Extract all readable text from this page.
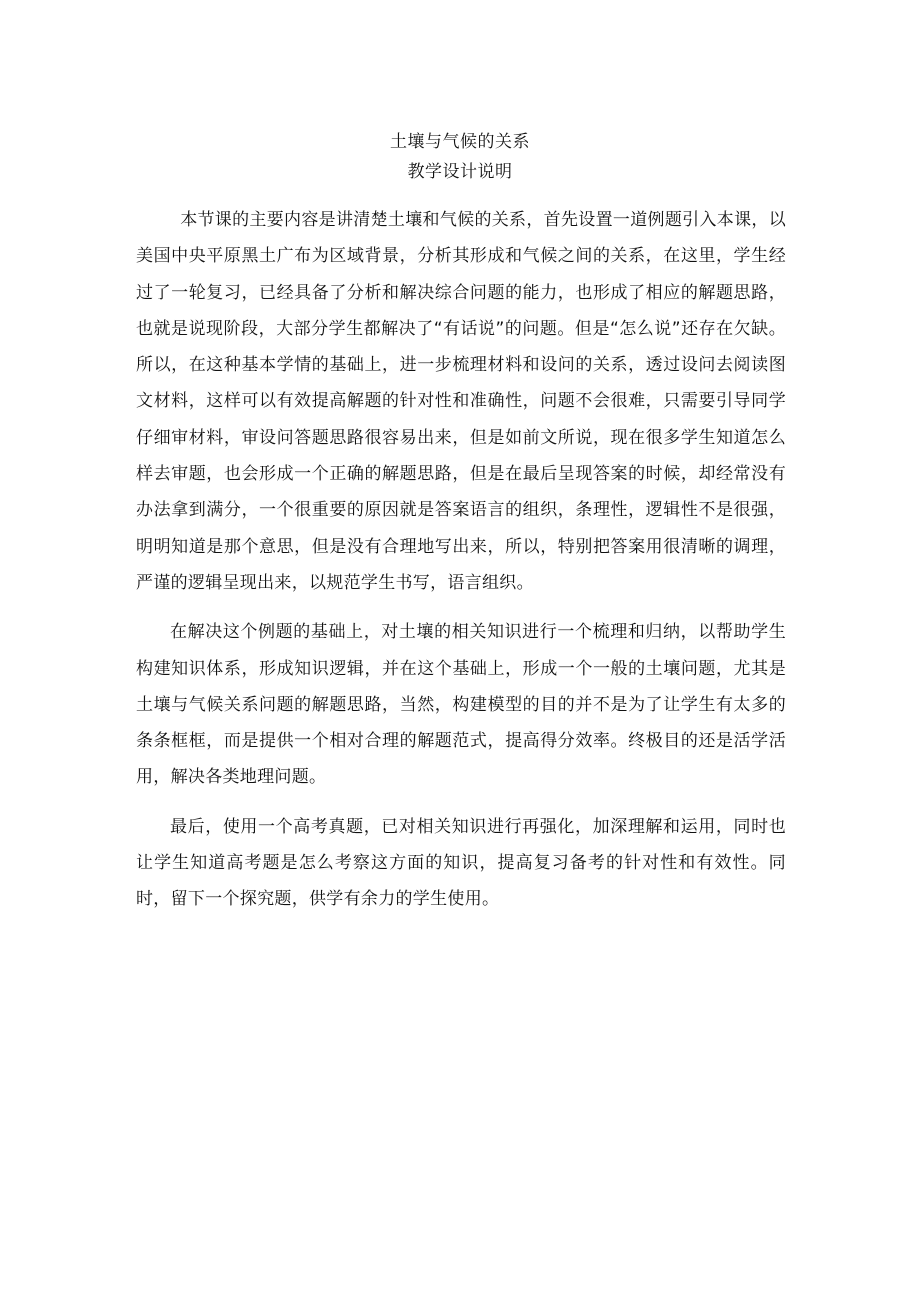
土壤与气候的关系
教学设计说明

本节课的主要内容是讲清楚土壤和气候的关系，首先设置一道例题引入本课，以美国中央平原黑土广布为区域背景，分析其形成和气候之间的关系，在这里，学生经过了一轮复习，已经具备了分析和解决综合问题的能力，也形成了相应的解题思路，也就是说现阶段，大部分学生都解决了“有话说”的问题。但是“怎么说”还存在欠缺。所以，在这种基本学情的基础上，进一步梳理材料和设问的关系，透过设问去阅读图文材料，这样可以有效提高解题的针对性和准确性，问题不会很难，只需要引导同学仔细审材料，审设问答题思路很容易出来，但是如前文所说，现在很多学生知道怎么样去审题，也会形成一个正确的解题思路，但是在最后呈现答案的时候，却经常没有办法拿到满分，一个很重要的原因就是答案语言的组织，条理性，逻辑性不是很强，明明知道是那个意思，但是没有合理地写出来，所以，特别把答案用很清晰的调理，严谨的逻辑呈现出来，以规范学生书写，语言组织。

在解决这个例题的基础上，对土壤的相关知识进行一个梳理和归纳，以帮助学生构建知识体系，形成知识逻辑，并在这个基础上，形成一个一般的土壤问题，尤其是土壤与气候关系问题的解题思路，当然，构建模型的目的并不是为了让学生有太多的条条框框，而是提供一个相对合理的解题范式，提高得分效率。终极目的还是活学活用，解决各类地理问题。

最后，使用一个高考真题，已对相关知识进行再强化，加深理解和运用，同时也让学生知道高考题是怎么考察这方面的知识，提高复习备考的针对性和有效性。同时，留下一个探究题，供学有余力的学生使用。
